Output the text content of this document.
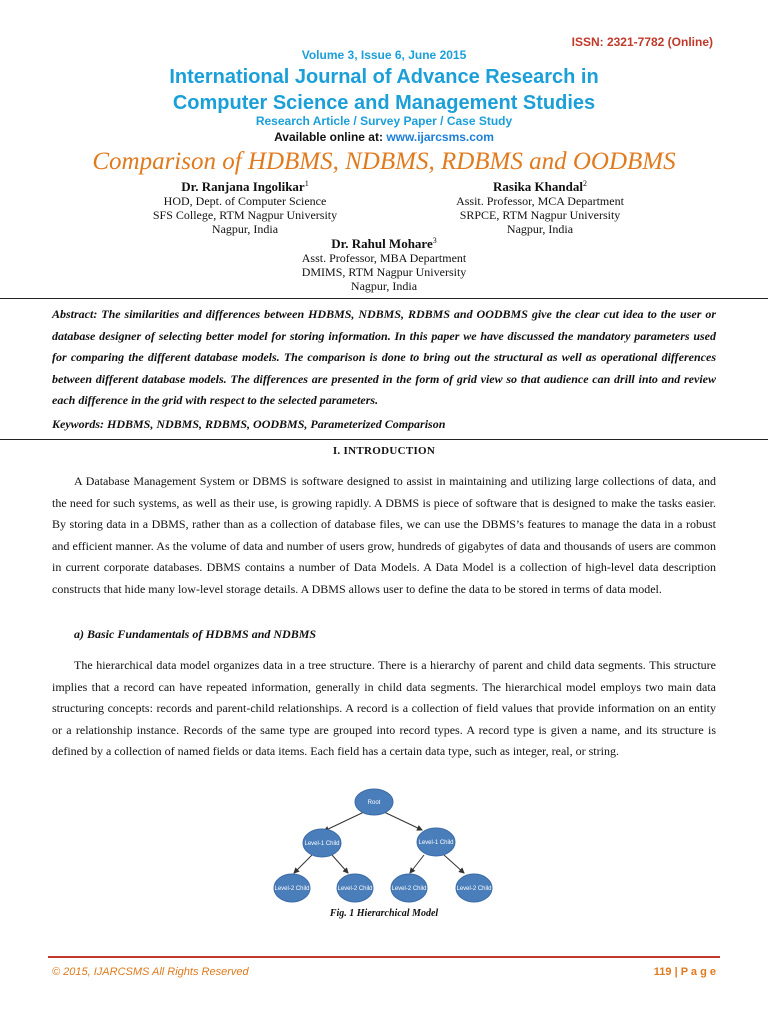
ISSN: 2321-7782 (Online)
Volume 3, Issue 6, June 2015
International Journal of Advance Research in
Computer Science and Management Studies
Research Article / Survey Paper / Case Study
Available online at: www.ijarcsms.com
Comparison of HDBMS, NDBMS, RDBMS and OODBMS
Dr. Ranjana Ingolikar$^1$
HOD, Dept. of Computer Science
SFS College, RTM Nagpur University
Nagpur, India
Rasika Khandal$^2$
Assit. Professor, MCA Department
SRPCE, RTM Nagpur University
Nagpur, India
Dr. Rahul Mohare$^3$
Asst. Professor, MBA Department
DMIMS, RTM Nagpur University
Nagpur, India
Abstract: The similarities and differences between HDBMS, NDBMS, RDBMS and OODBMS give the clear cut idea to the user or database designer of selecting better model for storing information. In this paper we have discussed the mandatory parameters used for comparing the different database models. The comparison is done to bring out the structural as well as operational differences between different database models. The differences are presented in the form of grid view so that audience can drill into and review each difference in the grid with respect to the selected parameters.
Keywords: HDBMS, NDBMS, RDBMS, OODBMS, Parameterized Comparison
I. INTRODUCTION
A Database Management System or DBMS is software designed to assist in maintaining and utilizing large collections of data, and the need for such systems, as well as their use, is growing rapidly. A DBMS is piece of software that is designed to make the tasks easier. By storing data in a DBMS, rather than as a collection of database files, we can use the DBMS’s features to manage the data in a robust and efficient manner. As the volume of data and number of users grow, hundreds of gigabytes of data and thousands of users are common in current corporate databases. DBMS contains a number of Data Models. A Data Model is a collection of high-level data description constructs that hide many low-level storage details. A DBMS allows user to define the data to be stored in terms of data model.
a) Basic Fundamentals of HDBMS and NDBMS
The hierarchical data model organizes data in a tree structure. There is a hierarchy of parent and child data segments. This structure implies that a record can have repeated information, generally in child data segments. The hierarchical model employs two main data structuring concepts: records and parent-child relationships. A record is a collection of field values that provide information on an entity or a relationship instance. Records of the same type are grouped into record types. A record type is given a name, and its structure is defined by a collection of named fields or data items. Each field has a certain data type, such as integer, real, or string.
Root
Level-1 Child	Level-1 Child
Level-2 Child	Level-2 Child	Level-2 Child	Level-2 Child
Fig. 1 Hierarchical Model
© 2015, IJARCSMS All Rights Reserved	119 | P a g e
